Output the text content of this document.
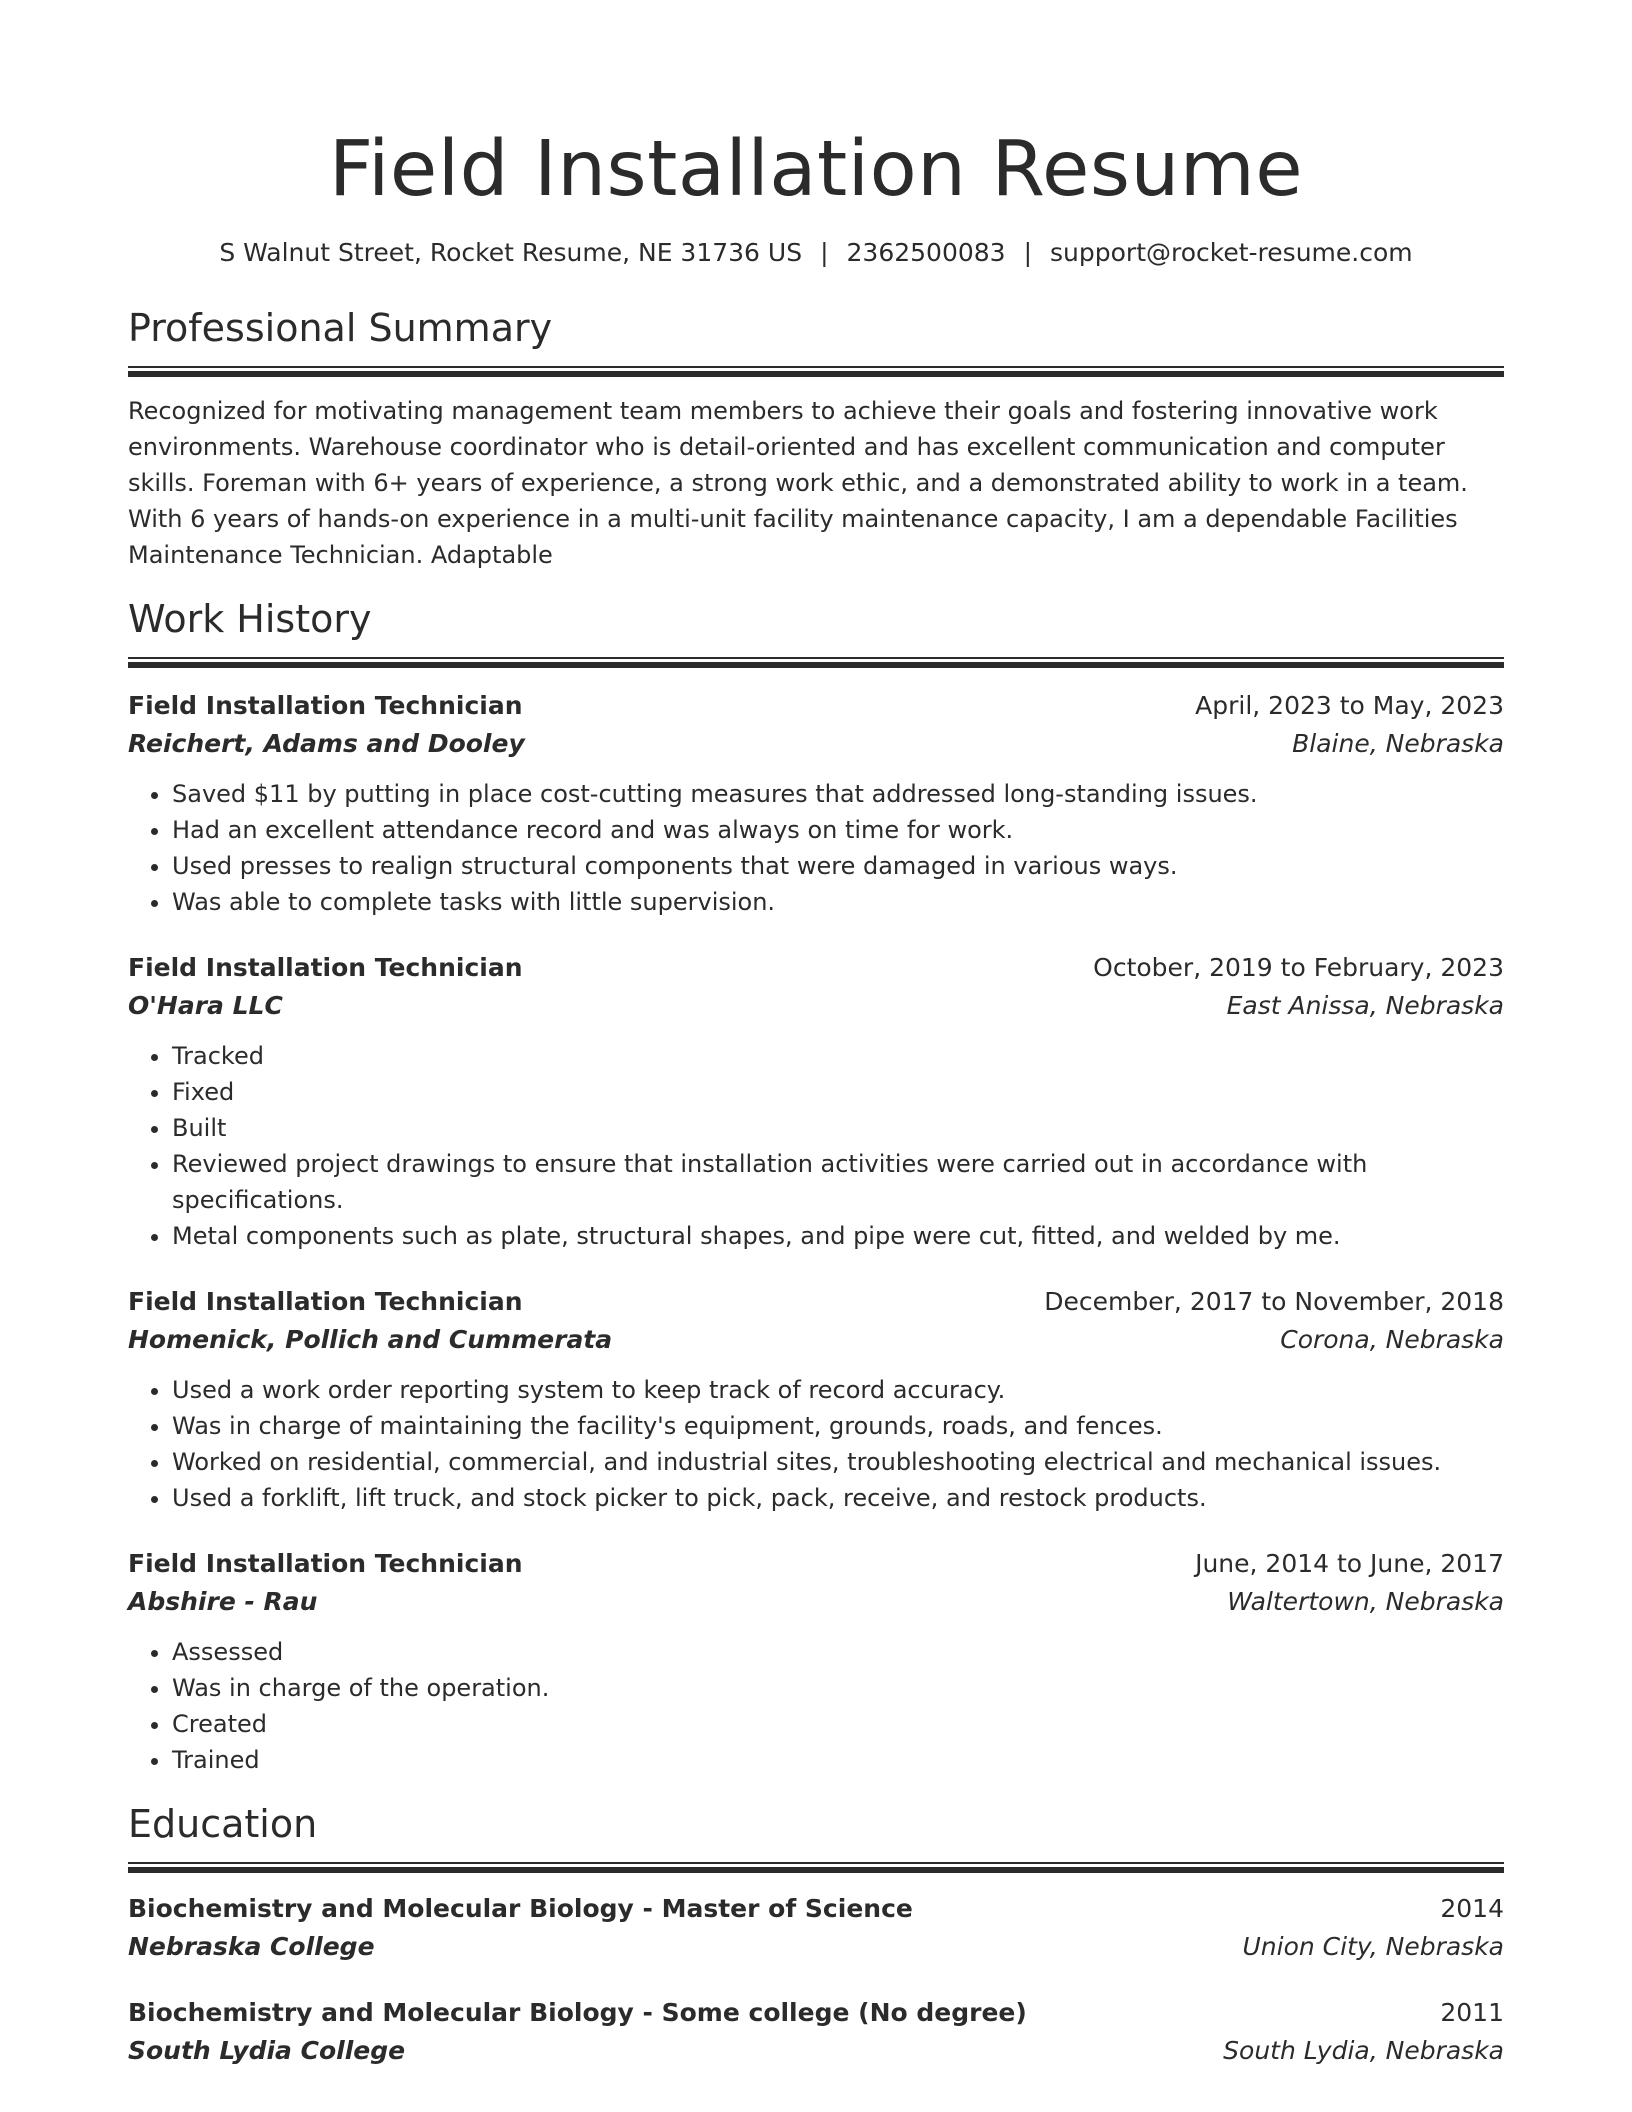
Field Installation Resume
S Walnut Street, Rocket Resume, NE 31736 US | 2362500083 | support@rocket-resume.com
Professional Summary
Recognized for motivating management team members to achieve their goals and fostering innovative work environments. Warehouse coordinator who is detail-oriented and has excellent communication and computer skills. Foreman with 6+ years of experience, a strong work ethic, and a demonstrated ability to work in a team. With 6 years of hands-on experience in a multi-unit facility maintenance capacity, I am a dependable Facilities Maintenance Technician. Adaptable
Work History
Field Installation Technician	April, 2023 to May, 2023
Reichert, Adams and Dooley	Blaine, Nebraska
• Saved $11 by putting in place cost-cutting measures that addressed long-standing issues.
• Had an excellent attendance record and was always on time for work.
• Used presses to realign structural components that were damaged in various ways.
• Was able to complete tasks with little supervision.
Field Installation Technician	October, 2019 to February, 2023
O'Hara LLC	East Anissa, Nebraska
• Tracked
• Fixed
• Built
• Reviewed project drawings to ensure that installation activities were carried out in accordance with specifications.
• Metal components such as plate, structural shapes, and pipe were cut, fitted, and welded by me.
Field Installation Technician	December, 2017 to November, 2018
Homenick, Pollich and Cummerata	Corona, Nebraska
• Used a work order reporting system to keep track of record accuracy.
• Was in charge of maintaining the facility's equipment, grounds, roads, and fences.
• Worked on residential, commercial, and industrial sites, troubleshooting electrical and mechanical issues.
• Used a forklift, lift truck, and stock picker to pick, pack, receive, and restock products.
Field Installation Technician	June, 2014 to June, 2017
Abshire - Rau	Waltertown, Nebraska
• Assessed
• Was in charge of the operation.
• Created
• Trained
Education
Biochemistry and Molecular Biology - Master of Science	2014
Nebraska College	Union City, Nebraska
Biochemistry and Molecular Biology - Some college (No degree)	2011
South Lydia College	South Lydia, Nebraska
